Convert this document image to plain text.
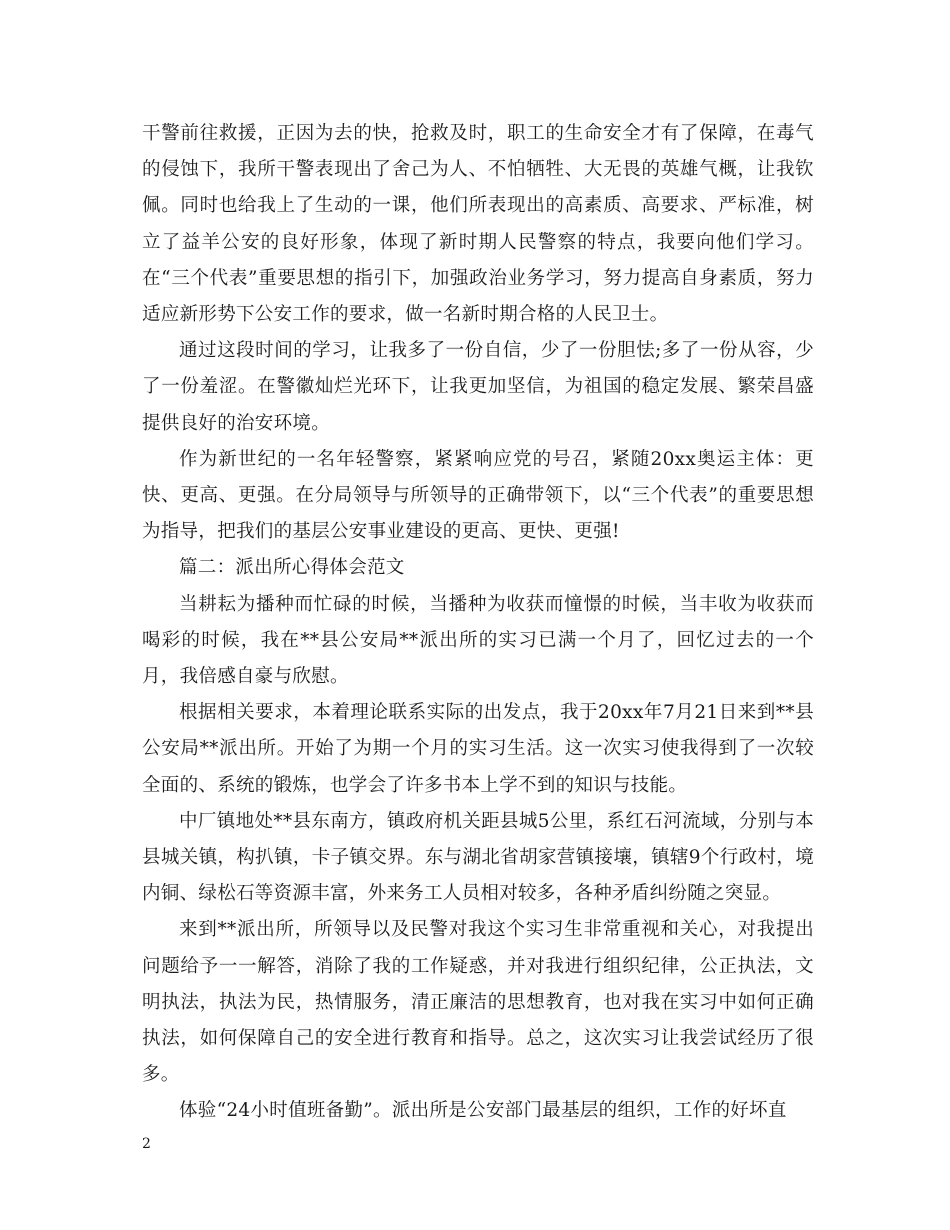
干警前往救援，正因为去的快，抢救及时，职工的生命安全才有了保障，在毒气的侵蚀下，我所干警表现出了舍己为人、不怕牺牲、大无畏的英雄气概，让我钦佩。同时也给我上了生动的一课，他们所表现出的高素质、高要求、严标准，树立了益羊公安的良好形象，体现了新时期人民警察的特点，我要向他们学习。在“三个代表”重要思想的指引下，加强政治业务学习，努力提高自身素质，努力适应新形势下公安工作的要求，做一名新时期合格的人民卫士。

通过这段时间的学习，让我多了一份自信，少了一份胆怯;多了一份从容，少了一份羞涩。在警徽灿烂光环下，让我更加坚信，为祖国的稳定发展、繁荣昌盛提供良好的治安环境。

作为新世纪的一名年轻警察，紧紧响应党的号召，紧随20xx奥运主体：更快、更高、更强。在分局领导与所领导的正确带领下，以“三个代表”的重要思想为指导，把我们的基层公安事业建设的更高、更快、更强!

篇二：派出所心得体会范文

当耕耘为播种而忙碌的时候，当播种为收获而憧憬的时候，当丰收为收获而喝彩的时候，我在**县公安局**派出所的实习已满一个月了，回忆过去的一个月，我倍感自豪与欣慰。

根据相关要求，本着理论联系实际的出发点，我于20xx年7月21日来到**县公安局**派出所。开始了为期一个月的实习生活。这一次实习使我得到了一次较全面的、系统的锻炼，也学会了许多书本上学不到的知识与技能。

中厂镇地处**县东南方，镇政府机关距县城5公里，系红石河流域，分别与本县城关镇，构扒镇，卡子镇交界。东与湖北省胡家营镇接壤，镇辖9个行政村，境内铜、绿松石等资源丰富，外来务工人员相对较多，各种矛盾纠纷随之突显。

来到**派出所，所领导以及民警对我这个实习生非常重视和关心，对我提出问题给予一一解答，消除了我的工作疑惑，并对我进行组织纪律，公正执法，文明执法，执法为民，热情服务，清正廉洁的思想教育，也对我在实习中如何正确执法，如何保障自己的安全进行教育和指导。总之，这次实习让我尝试经历了很多。

体验“24小时值班备勤”。派出所是公安部门最基层的组织，工作的好坏直

2
